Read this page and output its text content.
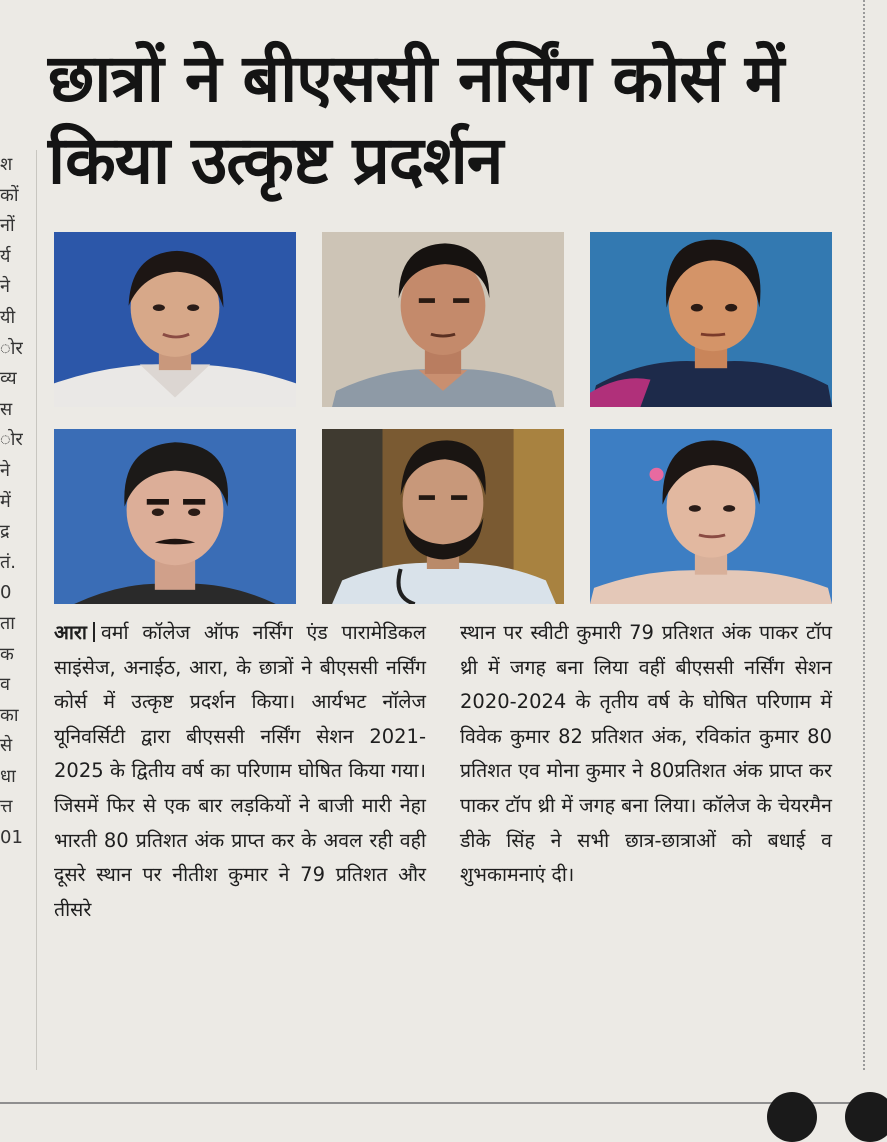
श
कों
नों
र्य
ने
यी
ोर
व्य
स
ोर
ने
में
द्र
तं.
0
ता
क
व
का
से
धा
त्त
01
छात्रों ने बीएससी नर्सिंग कोर्स में किया उत्कृष्ट प्रदर्शन

आरा वर्मा कॉलेज ऑफ नर्सिंग एंड पारामेडिकल साइंसेज, अनाईठ, आरा, के छात्रों ने बीएससी नर्सिंग कोर्स में उत्कृष्ट प्रदर्शन किया। आर्यभट नॉलेज यूनिवर्सिटी द्वारा बीएससी नर्सिंग सेशन 2021-2025 के द्वितीय वर्ष का परिणाम घोषित किया गया। जिसमें फिर से एक बार लड़कियों ने बाजी मारी नेहा भारती 80 प्रतिशत अंक प्राप्त कर के अवल रही वही दूसरे स्थान पर नीतीश कुमार ने 79 प्रतिशत और तीसरे

स्थान पर स्वीटी कुमारी 79 प्रतिशत अंक पाकर टॉप थ्री में जगह बना लिया वहीं बीएससी नर्सिंग सेशन 2020-2024 के तृतीय वर्ष के घोषित परिणाम में विवेक कुमार 82 प्रतिशत अंक, रविकांत कुमार 80 प्रतिशत एव मोना कुमार ने 80प्रतिशत अंक प्राप्त कर पाकर टॉप थ्री में जगह बना लिया। कॉलेज के चेयरमैन डीके सिंह ने सभी छात्र-छात्राओं को बधाई व शुभकामनाएं दी।
